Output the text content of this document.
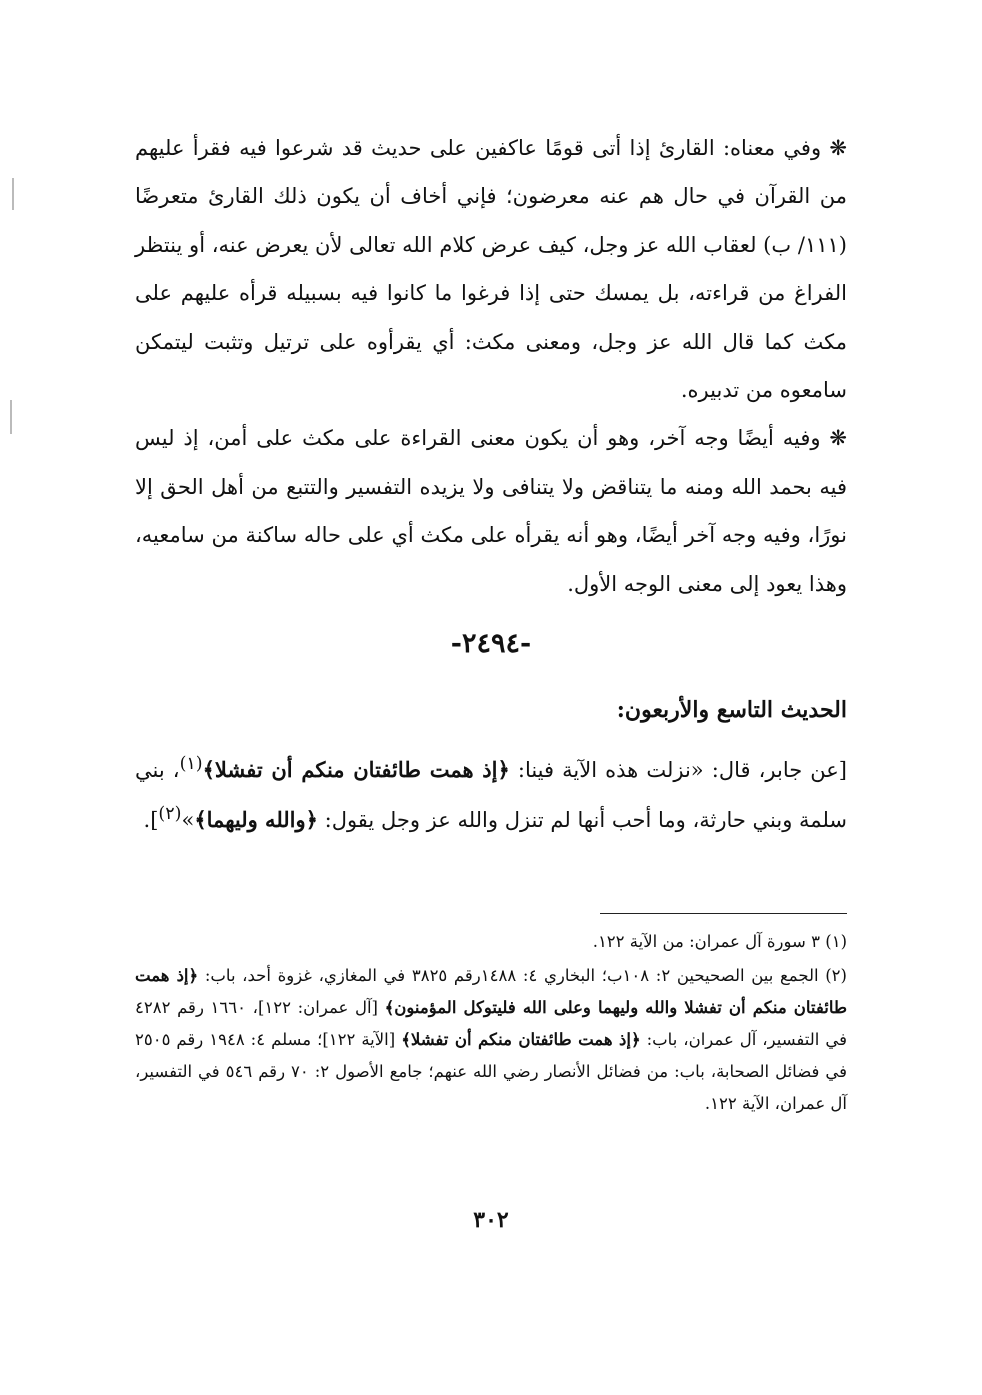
❋ وفي معناه: القارئ إذا أتى قومًا عاكفين على حديث قد شرعوا فيه فقرأ عليهم من القرآن في حال هم عنه معرضون؛ فإني أخاف أن يكون ذلك القارئ متعرضًا (١١١/ ب) لعقاب الله عز وجل، كيف عرض كلام الله تعالى لأن يعرض عنه، أو ينتظر الفراغ من قراءته، بل يمسك حتى إذا فرغوا ما كانوا فيه بسبيله قرأه عليهم على مكث كما قال الله عز وجل، ومعنى مكث: أي يقرأوه على ترتيل وتثبت ليتمكن سامعوه من تدبيره.

❋ وفيه أيضًا وجه آخر، وهو أن يكون معنى القراءة على مكث على أمن، إذ ليس فيه بحمد الله ومنه ما يتناقض ولا يتنافى ولا يزيده التفسير والتتبع من أهل الحق إلا نورًا، وفيه وجه آخر أيضًا، وهو أنه يقرأه على مكث أي على حاله ساكنة من سامعيه، وهذا يعود إلى معنى الوجه الأول.

-٢٤٩٤-
الحديث التاسع والأربعون:
[عن جابر، قال: «نزلت هذه الآية فينا: ﴿إذ همت طائفتان منكم أن تفشلا﴾$^{(١)}$، بني سلمة وبني حارثة، وما أحب أنها لم تنزل والله عز وجل يقول: ﴿والله وليهما﴾»$^{(٢)}$].

(١) ٣ سورة آل عمران: من الآية ١٢٢.

(٢) الجمع بين الصحيحين ٢: ١٠٨ب؛ البخاري ٤: ١٤٨٨رقم ٣٨٢٥ في المغازي، غزوة أحد، باب: ﴿إذ همت طائفتان منكم أن تفشلا والله وليهما وعلى الله فليتوكل المؤمنون﴾ [آل عمران: ١٢٢]، ١٦٦٠ رقم ٤٢٨٢ في التفسير، آل عمران، باب: ﴿إذ همت طائفتان منكم أن تفشلا﴾ [الآية ١٢٢]؛ مسلم ٤: ١٩٤٨ رقم ٢٥٠٥ في فضائل الصحابة، باب: من فضائل الأنصار رضي الله عنهم؛ جامع الأصول ٢: ٧٠ رقم ٥٤٦ في التفسير، آل عمران، الآية ١٢٢.

٣٠٢
